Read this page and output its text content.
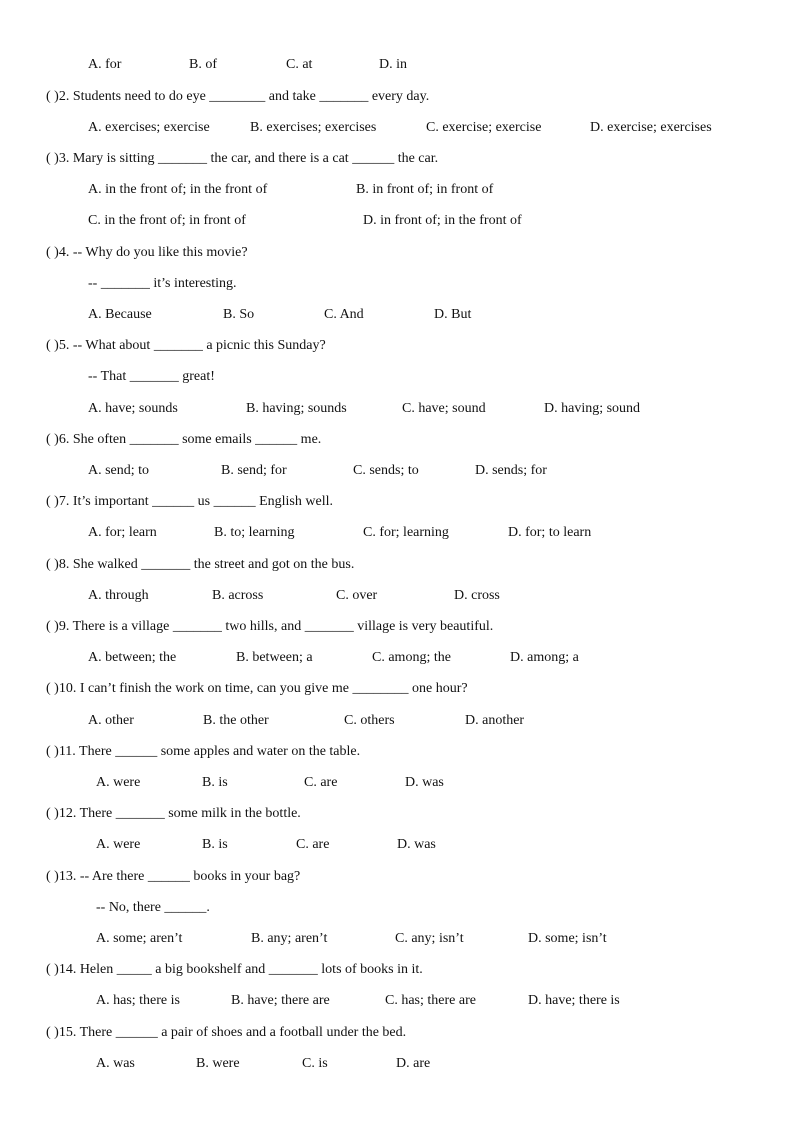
A. for	B. of	C. at	D. in
( )2. Students need to do eye ________ and take _______ every day.
A. exercises; exercise	B. exercises; exercises	C. exercise; exercise	D. exercise; exercises
( )3. Mary is sitting _______ the car, and there is a cat ______ the car.
A. in the front of; in the front of	B. in front of; in front of
C. in the front of; in front of	D. in front of; in the front of
( )4. -- Why do you like this movie?
-- _______ it’s interesting.
A. Because	B. So	C. And	D. But
( )5. -- What about _______ a picnic this Sunday?
-- That _______ great!
A. have; sounds	B. having; sounds	C. have; sound	D. having; sound
( )6. She often _______ some emails ______ me.
A. send; to	B. send; for	C. sends; to	D. sends; for
( )7. It’s important ______ us ______ English well.
A. for; learn	B. to; learning	C. for; learning	D. for; to learn
( )8. She walked _______ the street and got on the bus.
A. through	B. across	C. over	D. cross
( )9. There is a village _______ two hills, and _______ village is very beautiful.
A. between; the	B. between; a	C. among; the	D. among; a
( )10. I can’t finish the work on time, can you give me ________ one hour?
A. other	B. the other	C. others	D. another
( )11. There ______ some apples and water on the table.
A. were	B. is	C. are	D. was
( )12. There _______ some milk in the bottle.
A. were	B. is	C. are	D. was
( )13. -- Are there ______ books in your bag?
-- No, there ______.
A. some; aren’t	B. any; aren’t	C. any; isn’t	D. some; isn’t
( )14. Helen _____ a big bookshelf and _______ lots of books in it.
A. has; there is	B. have; there are	C. has; there are	D. have; there is
( )15. There ______ a pair of shoes and a football under the bed.
A. was	B. were	C. is	D. are
